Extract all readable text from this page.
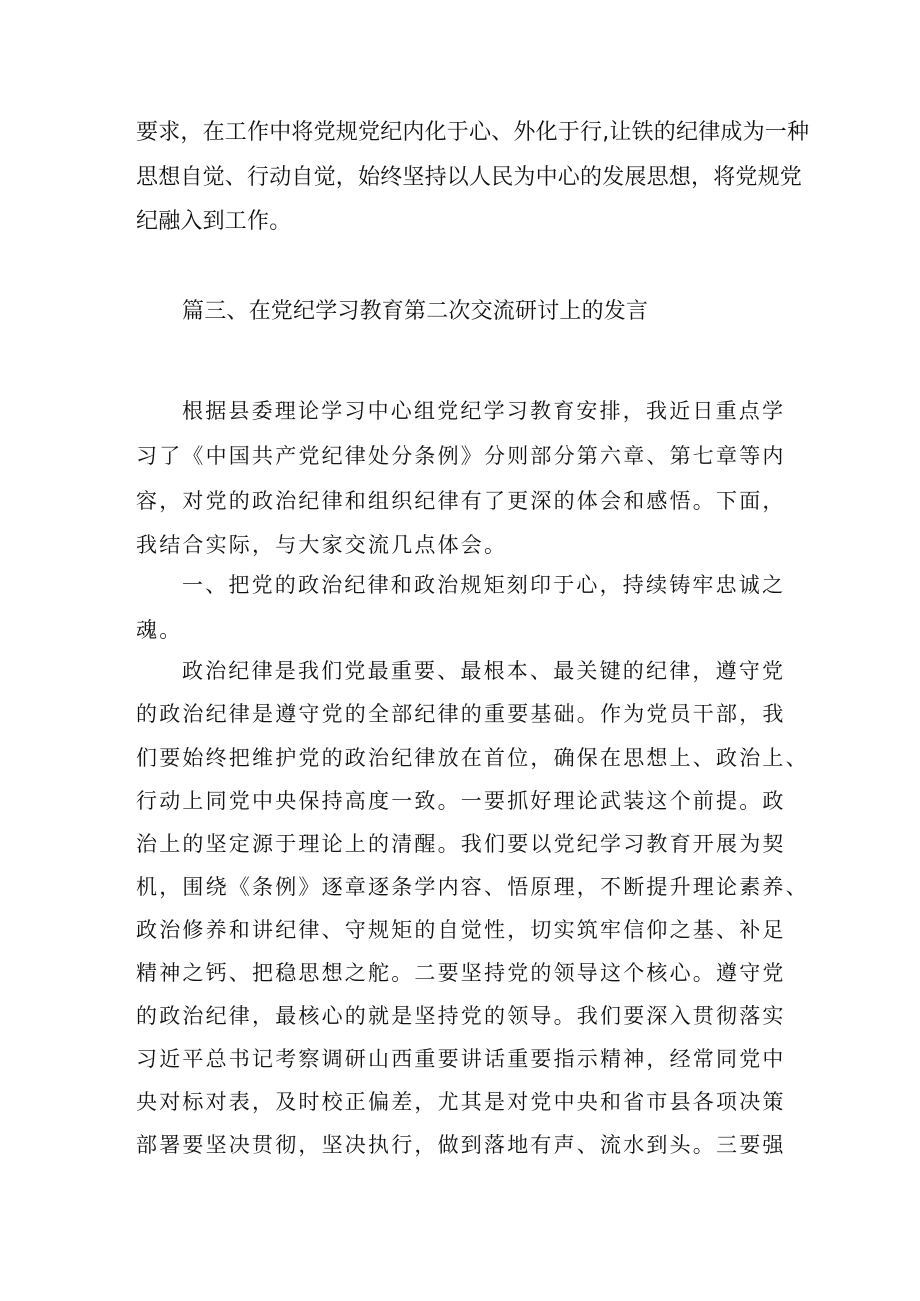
要求，在工作中将党规党纪内化于心、外化于行,让铁的纪律成为一种

思想自觉、行动自觉，始终坚持以人民为中心的发展思想，将党规党

纪融入到工作。

篇三、在党纪学习教育第二次交流研讨上的发言

根据县委理论学习中心组党纪学习教育安排，我近日重点学

习了《中国共产党纪律处分条例》分则部分第六章、第七章等内

容，对党的政治纪律和组织纪律有了更深的体会和感悟。下面，

我结合实际，与大家交流几点体会。

一、把党的政治纪律和政治规矩刻印于心，持续铸牢忠诚之

魂。

政治纪律是我们党最重要、最根本、最关键的纪律，遵守党

的政治纪律是遵守党的全部纪律的重要基础。作为党员干部，我

们要始终把维护党的政治纪律放在首位，确保在思想上、政治上、

行动上同党中央保持高度一致。一要抓好理论武装这个前提。政

治上的坚定源于理论上的清醒。我们要以党纪学习教育开展为契

机，围绕《条例》逐章逐条学内容、悟原理，不断提升理论素养、

政治修养和讲纪律、守规矩的自觉性，切实筑牢信仰之基、补足

精神之钙、把稳思想之舵。二要坚持党的领导这个核心。遵守党

的政治纪律，最核心的就是坚持党的领导。我们要深入贯彻落实

习近平总书记考察调研山西重要讲话重要指示精神，经常同党中

央对标对表，及时校正偏差，尤其是对党中央和省市县各项决策

部署要坚决贯彻，坚决执行，做到落地有声、流水到头。三要强
